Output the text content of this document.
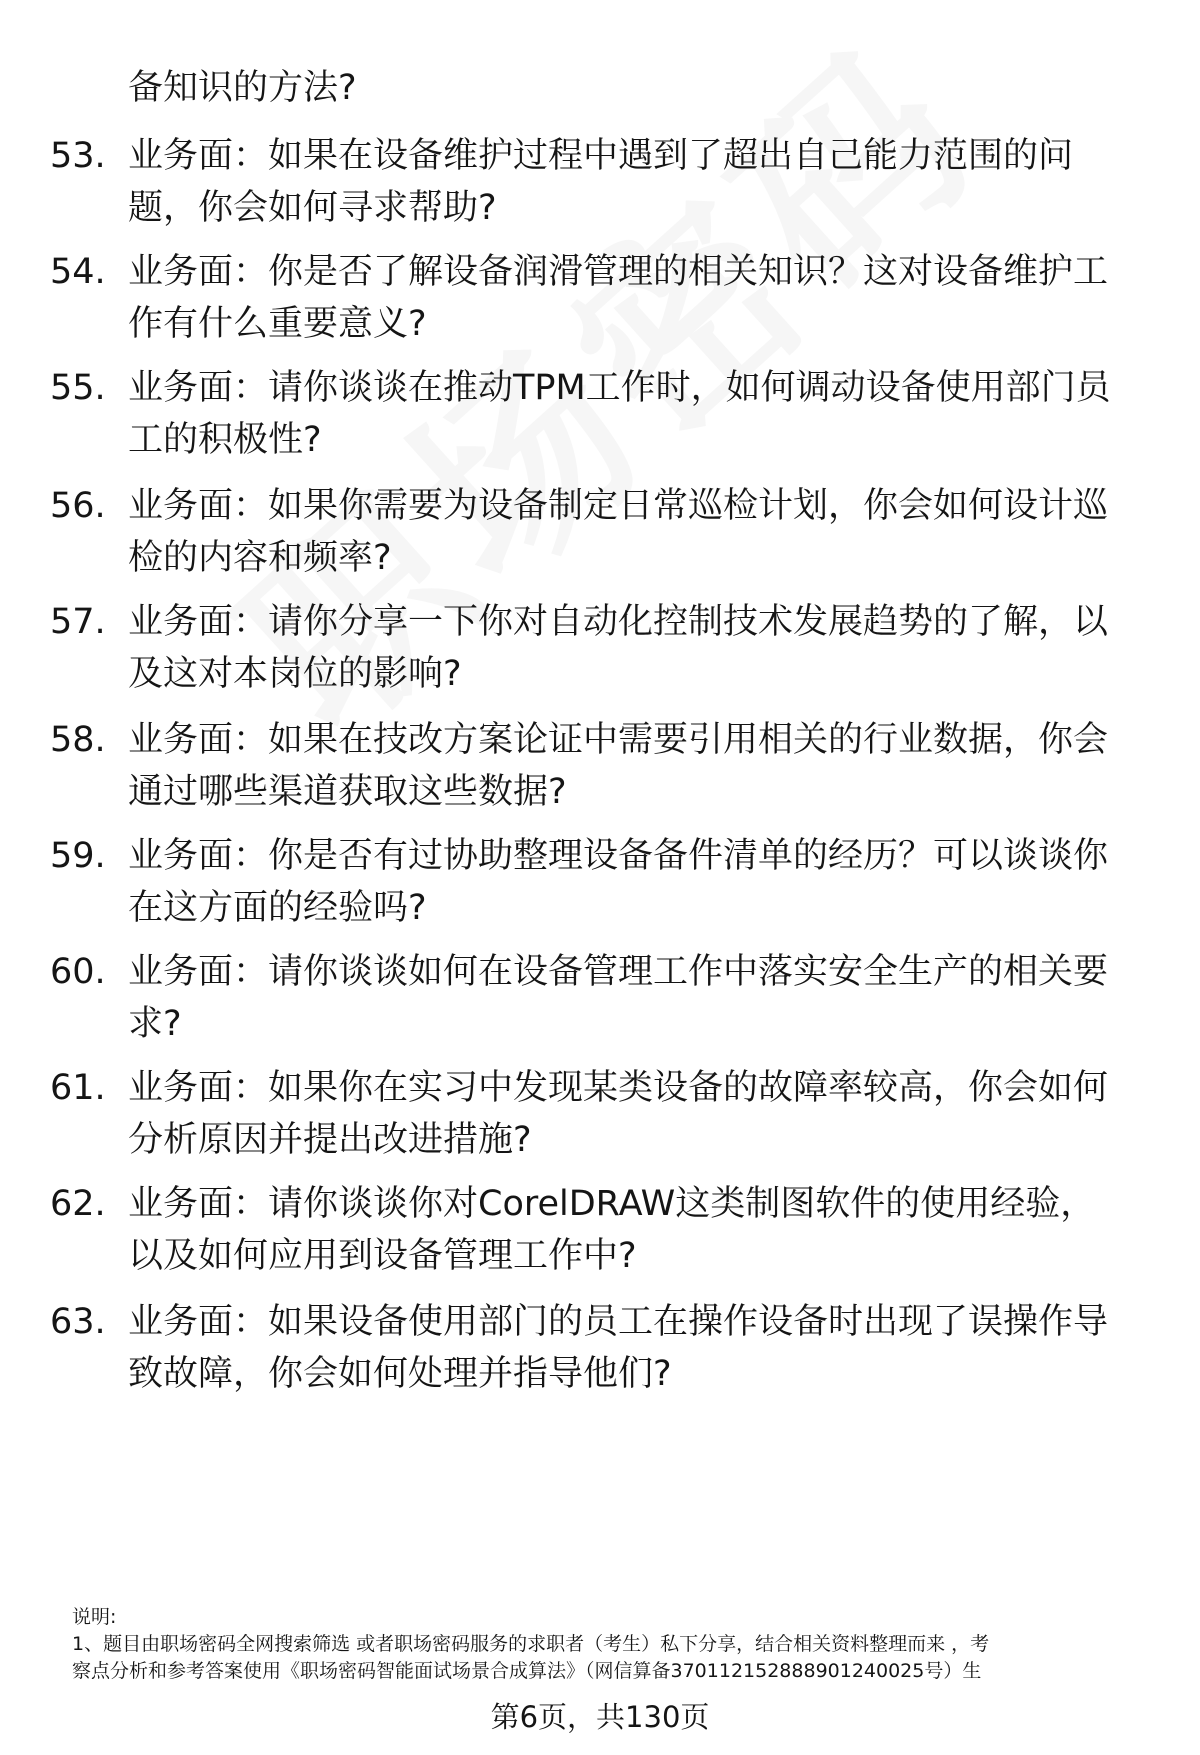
备知识的方法?
53. 业务面：如果在设备维护过程中遇到了超出自己能力范围的问
题，你会如何寻求帮助?
54. 业务面：你是否了解设备润滑管理的相关知识？这对设备维护工
作有什么重要意义?
55. 业务面：请你谈谈在推动TPM工作时，如何调动设备使用部门员
工的积极性?
56. 业务面：如果你需要为设备制定日常巡检计划，你会如何设计巡
检的内容和频率?
57. 业务面：请你分享一下你对自动化控制技术发展趋势的了解，以
及这对本岗位的影响?
58. 业务面：如果在技改方案论证中需要引用相关的行业数据，你会
通过哪些渠道获取这些数据?
59. 业务面：你是否有过协助整理设备备件清单的经历？可以谈谈你
在这方面的经验吗?
60. 业务面：请你谈谈如何在设备管理工作中落实安全生产的相关要
求?
61. 业务面：如果你在实习中发现某类设备的故障率较高，你会如何
分析原因并提出改进措施?
62. 业务面：请你谈谈你对CorelDRAW这类制图软件的使用经验，
以及如何应用到设备管理工作中?
63. 业务面：如果设备使用部门的员工在操作设备时出现了误操作导
致故障，你会如何处理并指导他们?
说明:
1、题目由职场密码全网搜索筛选 或者职场密码服务的求职者（考生）私下分享，结合相关资料整理而来 ，考
察点分析和参考答案使用《职场密码智能面试场景合成算法》（网信算备370112152888901240025号）生
第6页，共130页
